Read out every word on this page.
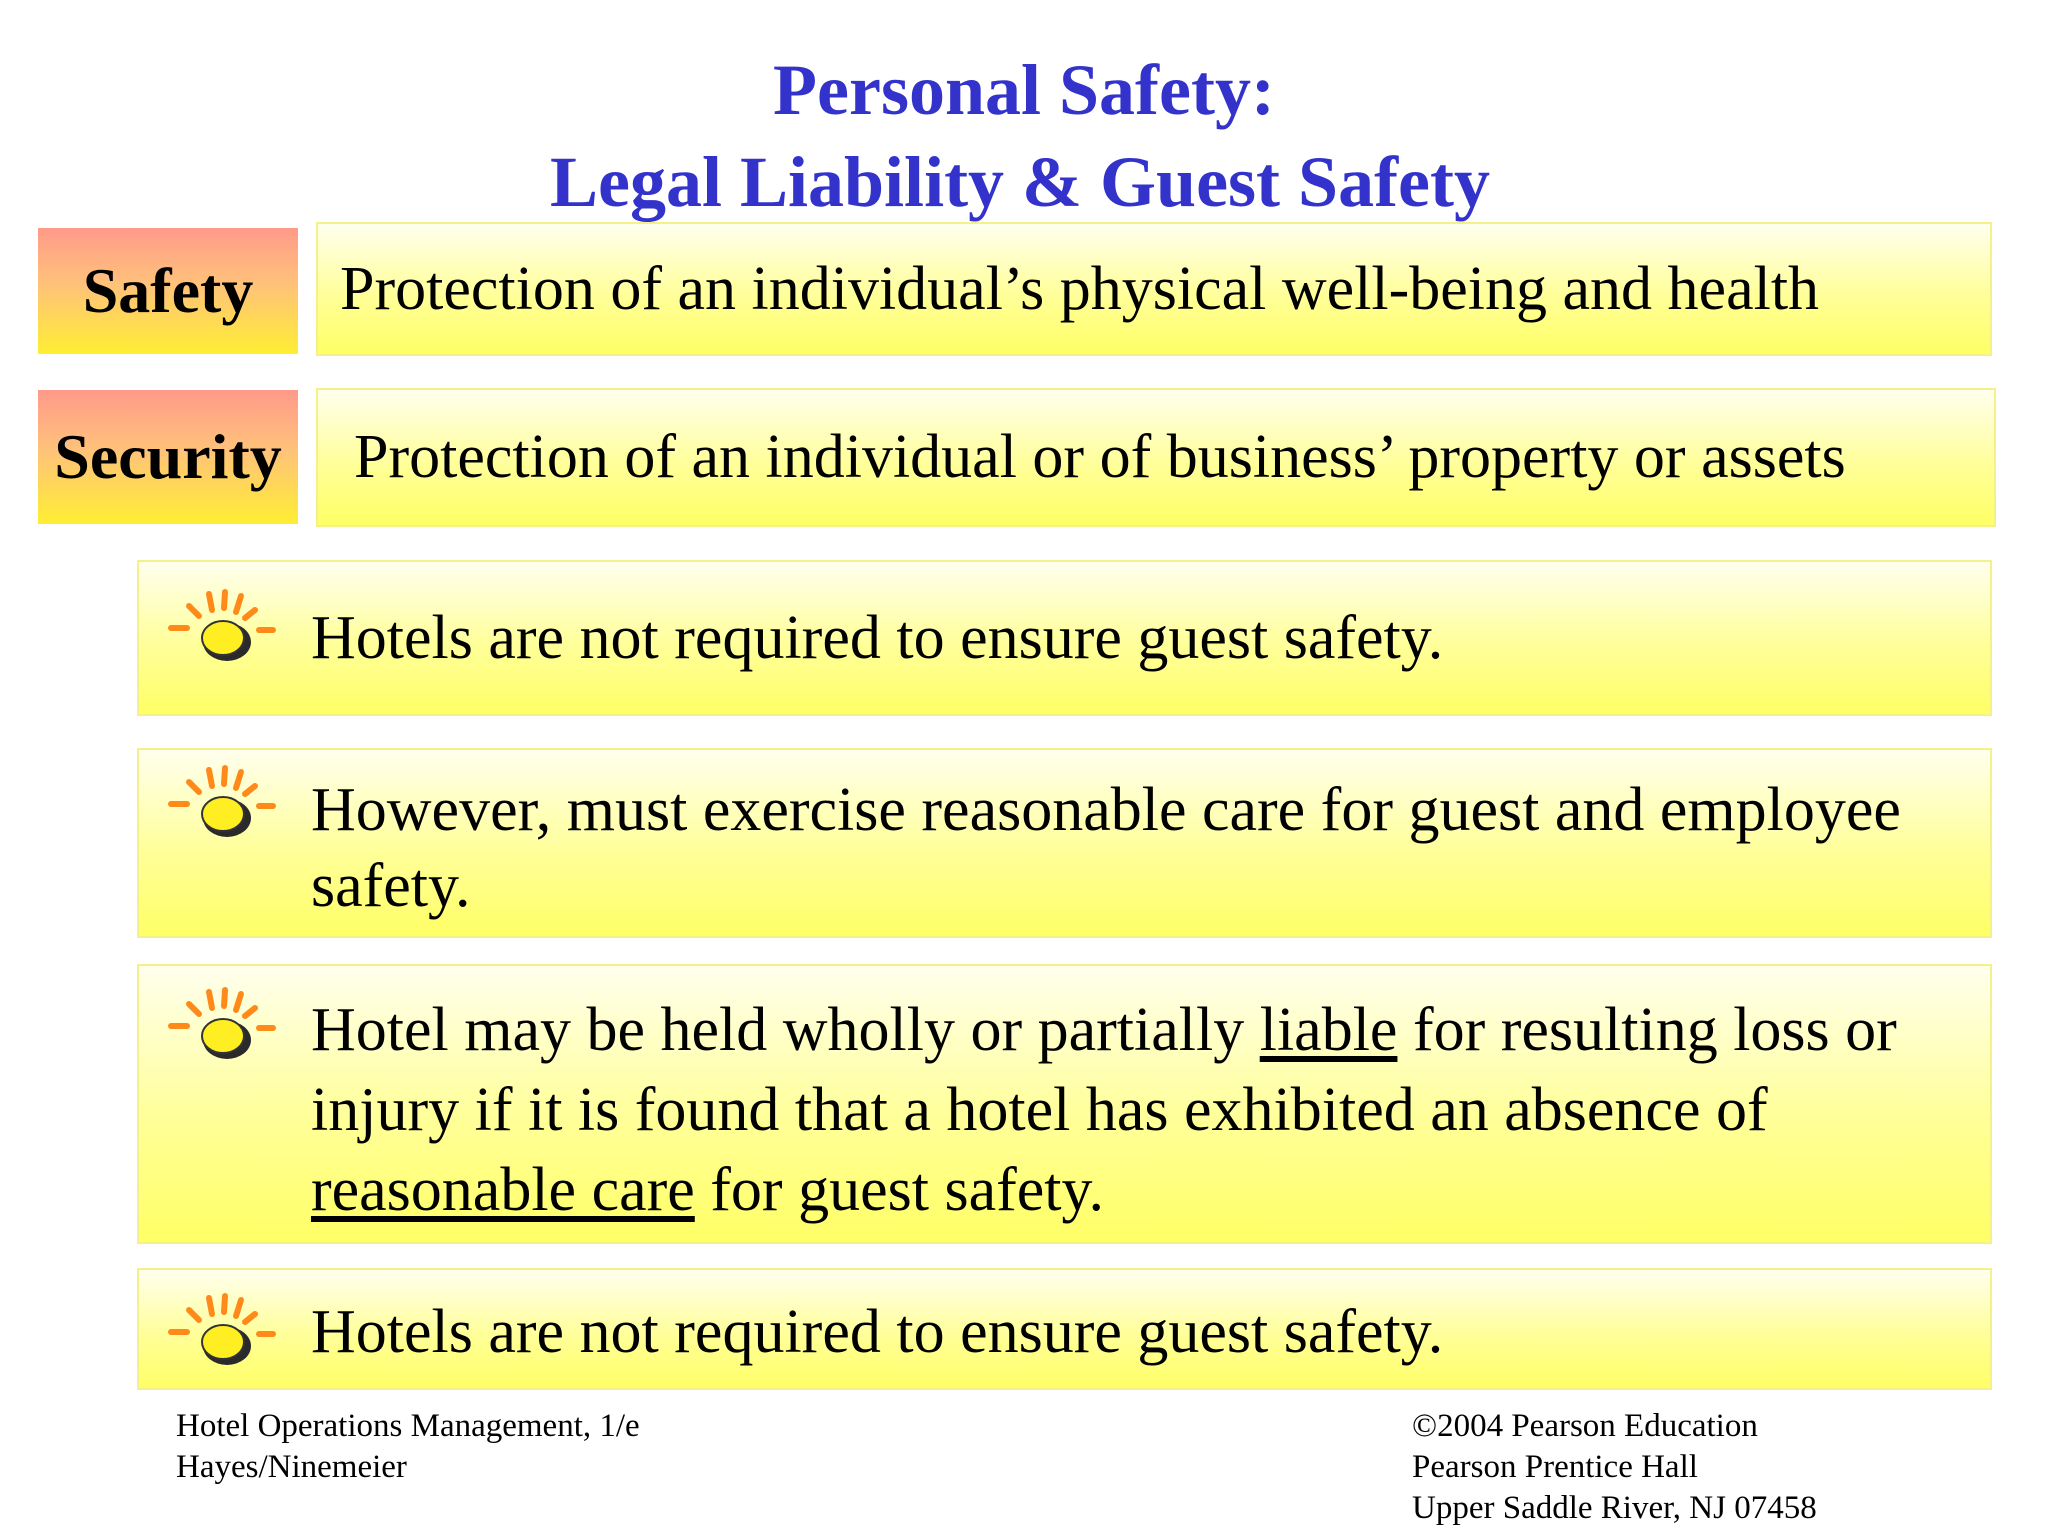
Personal Safety:
Legal Liability & Guest Safety
Safety	Protection of an individual’s physical well-being and health
Security	Protection of an individual or of business’ property or assets
Hotels are not required to ensure guest safety.
However, must exercise reasonable care for guest and employee safety.
Hotel may be held wholly or partially liable for resulting loss or injury if it is found that a hotel has exhibited an absence of reasonable care for guest safety.
Hotels are not required to ensure guest safety.
Hotel Operations Management, 1/e
Hayes/Ninemeier
©2004 Pearson Education
Pearson Prentice Hall
Upper Saddle River, NJ 07458
